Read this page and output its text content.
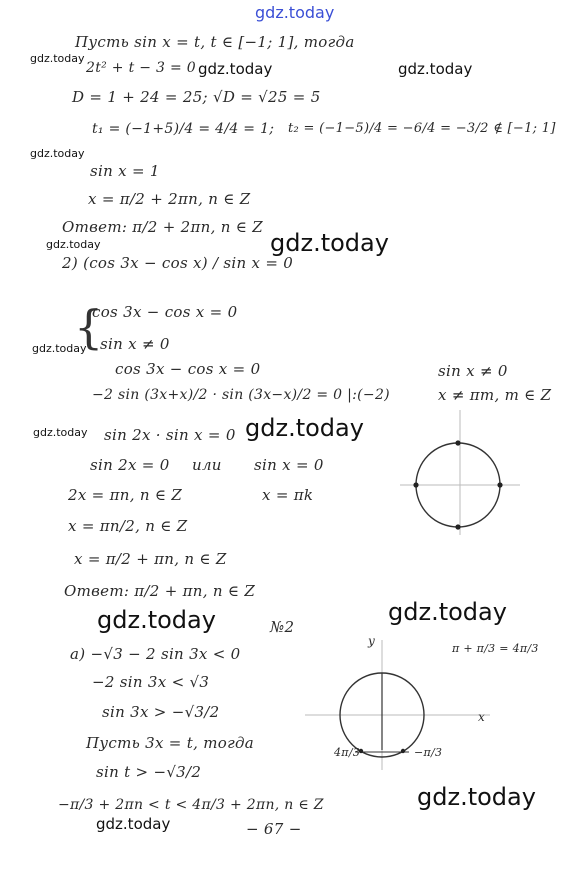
gdz.today
gdz.today
gdz.today	gdz.today
gdz.today
gdz.today	gdz.today
gdz.today
gdz.today	gdz.today
gdz.today
gdz.today
gdz.today
gdz.today
Пусть sin x = t, t ∈ [−1; 1], тогда
2t² + t − 3 = 0
D = 1 + 24 = 25; √D = √25 = 5
t₁ = (−1+5)/4 = 4/4 = 1; t₂ = (−1−5)/4 = −6/4 = −3/2 ∉ [−1; 1]
sin x = 1
x = π/2 + 2πn, n ∈ Z
Ответ: π/2 + 2πn, n ∈ Z
2) (cos 3x − cos x) / sin x = 0
{
cos 3x − cos x = 0
sin x ≠ 0
cos 3x − cos x = 0
−2 sin (3x+x)/2 · sin (3x−x)/2 = 0 |:(−2)
sin 2x · sin x = 0
sin 2x = 0 или sin x = 0
2x = πn, n ∈ Z	x = πk
x = πn/2, n ∈ Z
x = π/2 + πn, n ∈ Z
Ответ: π/2 + πn, n ∈ Z
sin x ≠ 0
x ≠ πm, m ∈ Z
№2
а) −√3 − 2 sin 3x < 0
−2 sin 3x < √3
sin 3x > −√3/2
Пусть 3x = t, тогда
sin t > −√3/2
−π/3 + 2πn < t < 4π/3 + 2πn, n ∈ Z
− 67 −
y
x
π + π/3 = 4π/3
4π/3	−π/3
